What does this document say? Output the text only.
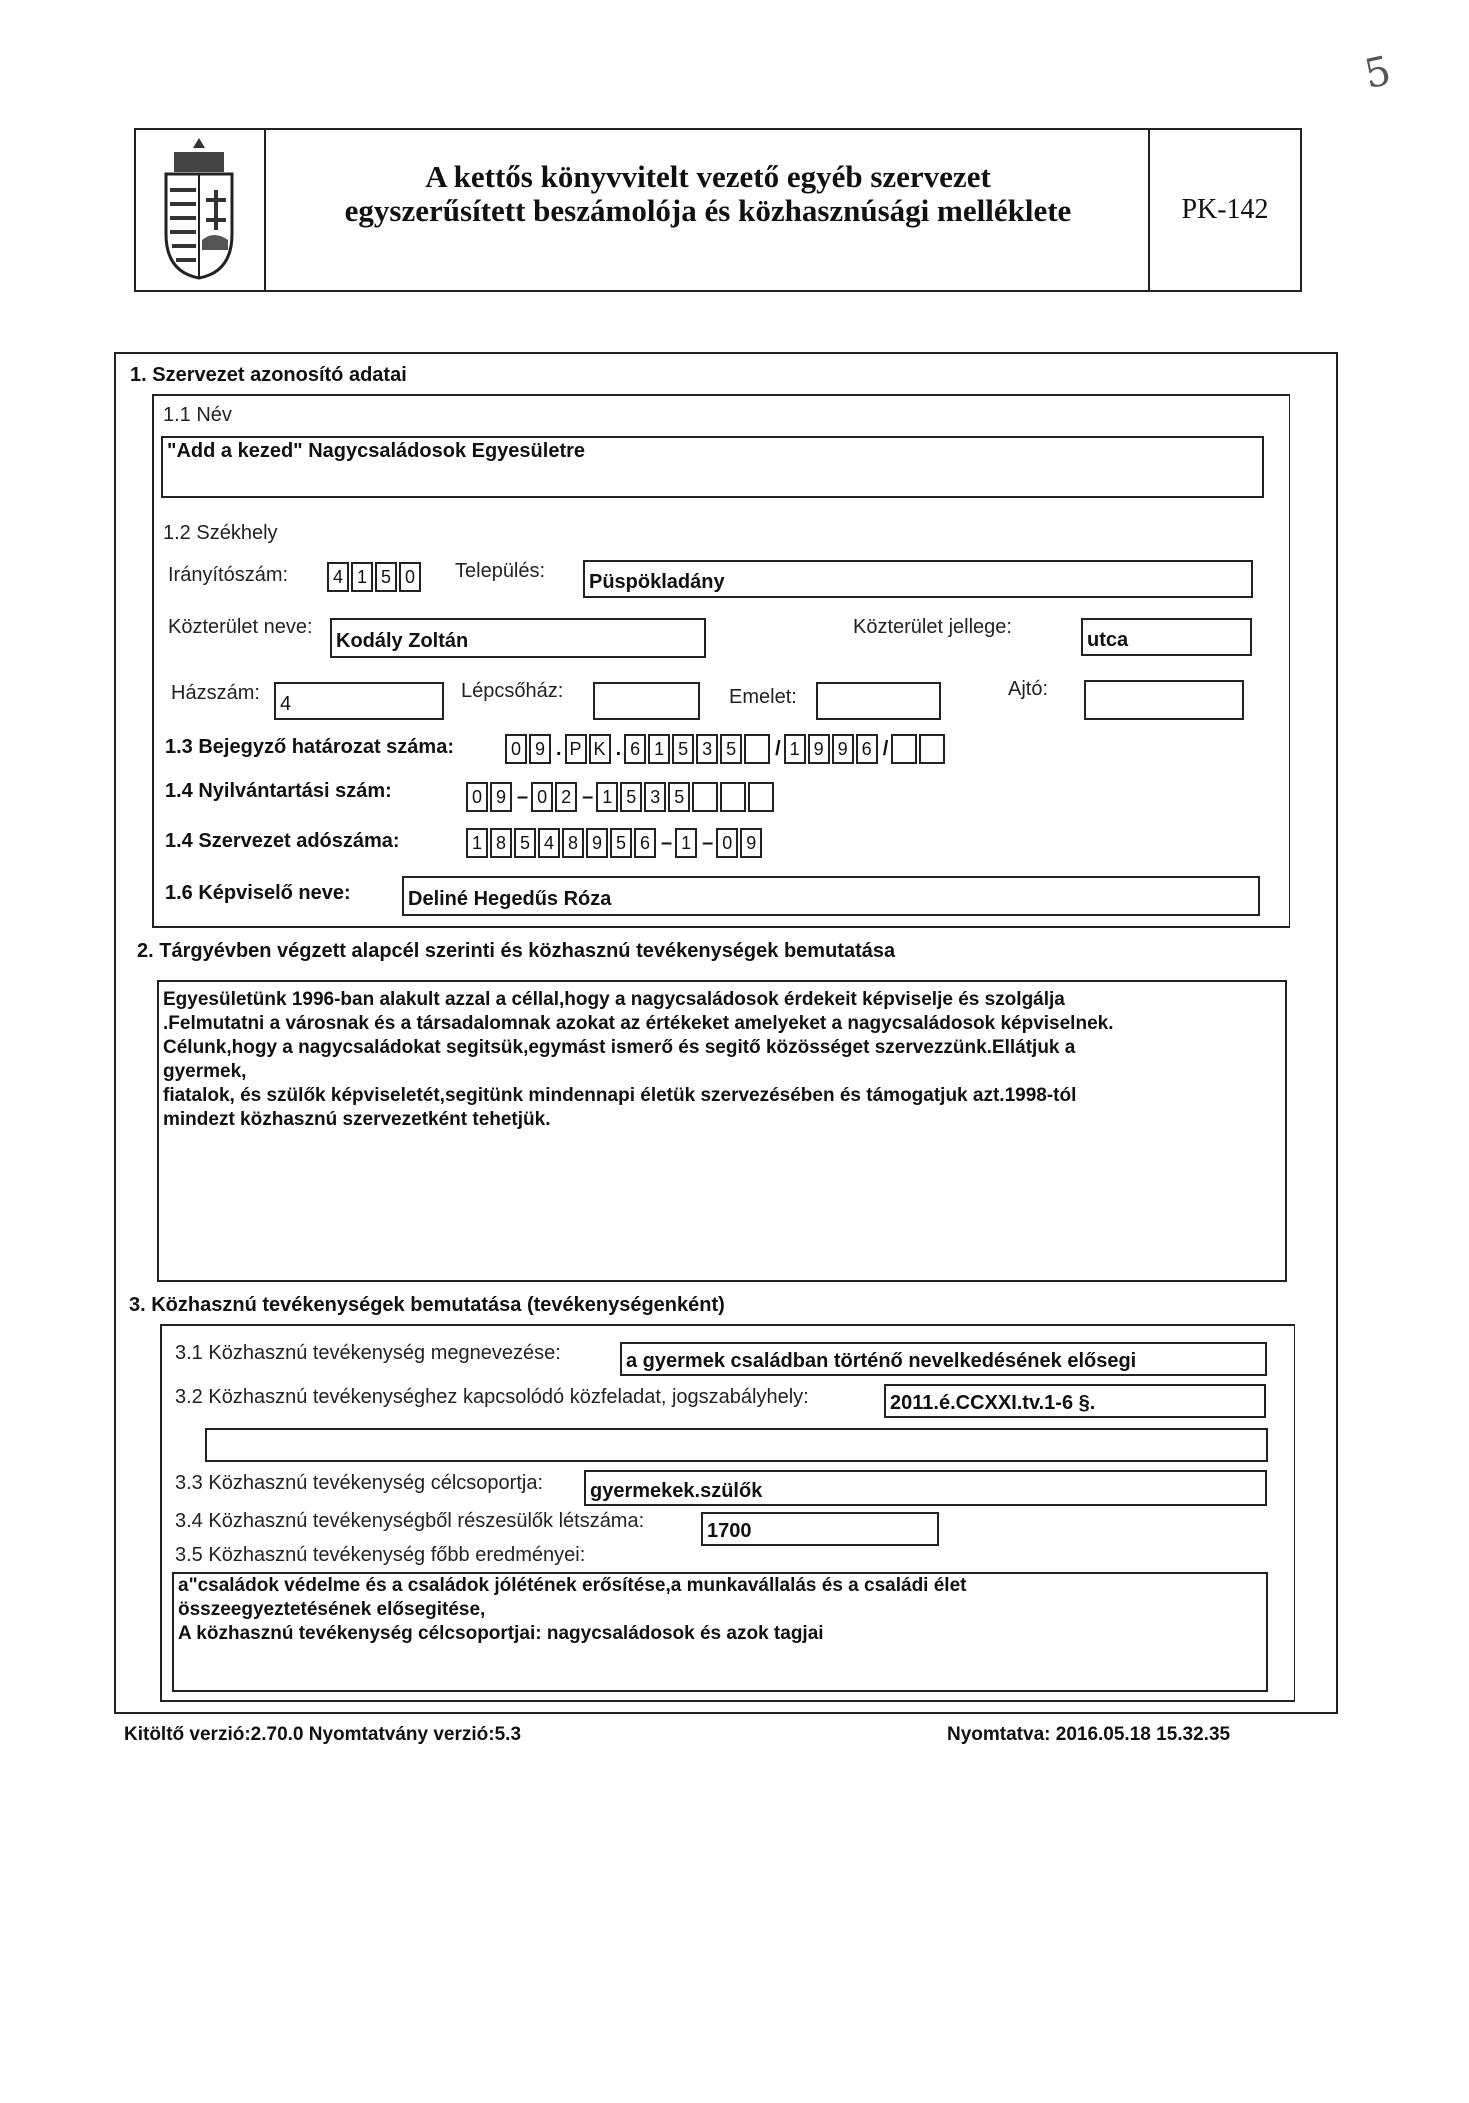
5
A kettős könyvvitelt vezető egyéb szervezet
egyszerűsített beszámolója és közhasznúsági melléklete	PK-142
1. Szervezet azonosító adatai
1.1 Név
"Add a kezed" Nagycsaládosok Egyesületre
1.2 Székhely
Irányítószám:	4 1 5 0	Település: Püspökladány
Közterület neve:
Kodály Zoltán
Közterület jellege:
utca
Házszám: 4
Lépcsőház:	Emelet:	Ajtó:
1.3 Bejegyző határozat száma:	0 9 . P K . 6 1 5 3 5	/ 1 9 9 6 /
1.4 Nyilvántartási szám:	0 9 – 0 2 – 1 5 3 5
1.4 Szervezet adószáma:	1 8 5 4 8 9 5 6 – 1 – 0 9
1.6 Képviselő neve:	Deliné Hegedűs Róza
2. Tárgyévben végzett alapcél szerinti és közhasznú tevékenységek bemutatása
Egyesületünk 1996-ban alakult azzal a céllal,hogy a nagycsaládosok érdekeit képviselje és szolgálja
.Felmutatni a városnak és a társadalomnak azokat az értékeket amelyeket a nagycsaládosok képviselnek.
Célunk,hogy a nagycsaládokat segitsük,egymást ismerő és segitő közösséget szervezzünk.Ellátjuk a
gyermek,
fiatalok, és szülők képviseletét,segitünk mindennapi életük szervezésében és támogatjuk azt.1998-tól
mindezt közhasznú szervezetként tehetjük.
3. Közhasznú tevékenységek bemutatása (tevékenységenként)
3.1 Közhasznú tevékenység megnevezése:	a gyermek családban történő nevelkedésének elősegi
3.2 Közhasznú tevékenységhez kapcsolódó közfeladat, jogszabályhely:	2011.é.CCXXI.tv.1-6 §.
3.3 Közhasznú tevékenység célcsoportja: gyermekek.szülők
3.4 Közhasznú tevékenységből részesülők létszáma:	1700
3.5 Közhasznú tevékenység főbb eredményei:
a"családok védelme és a családok jólétének erősítése,a munkavállalás és a családi élet
összeegyeztetésének elősegitése,
A közhasznú tevékenység célcsoportjai: nagycsaládosok és azok tagjai
Kitöltő verzió:2.70.0 Nyomtatvány verzió:5.3	Nyomtatva: 2016.05.18 15.32.35
